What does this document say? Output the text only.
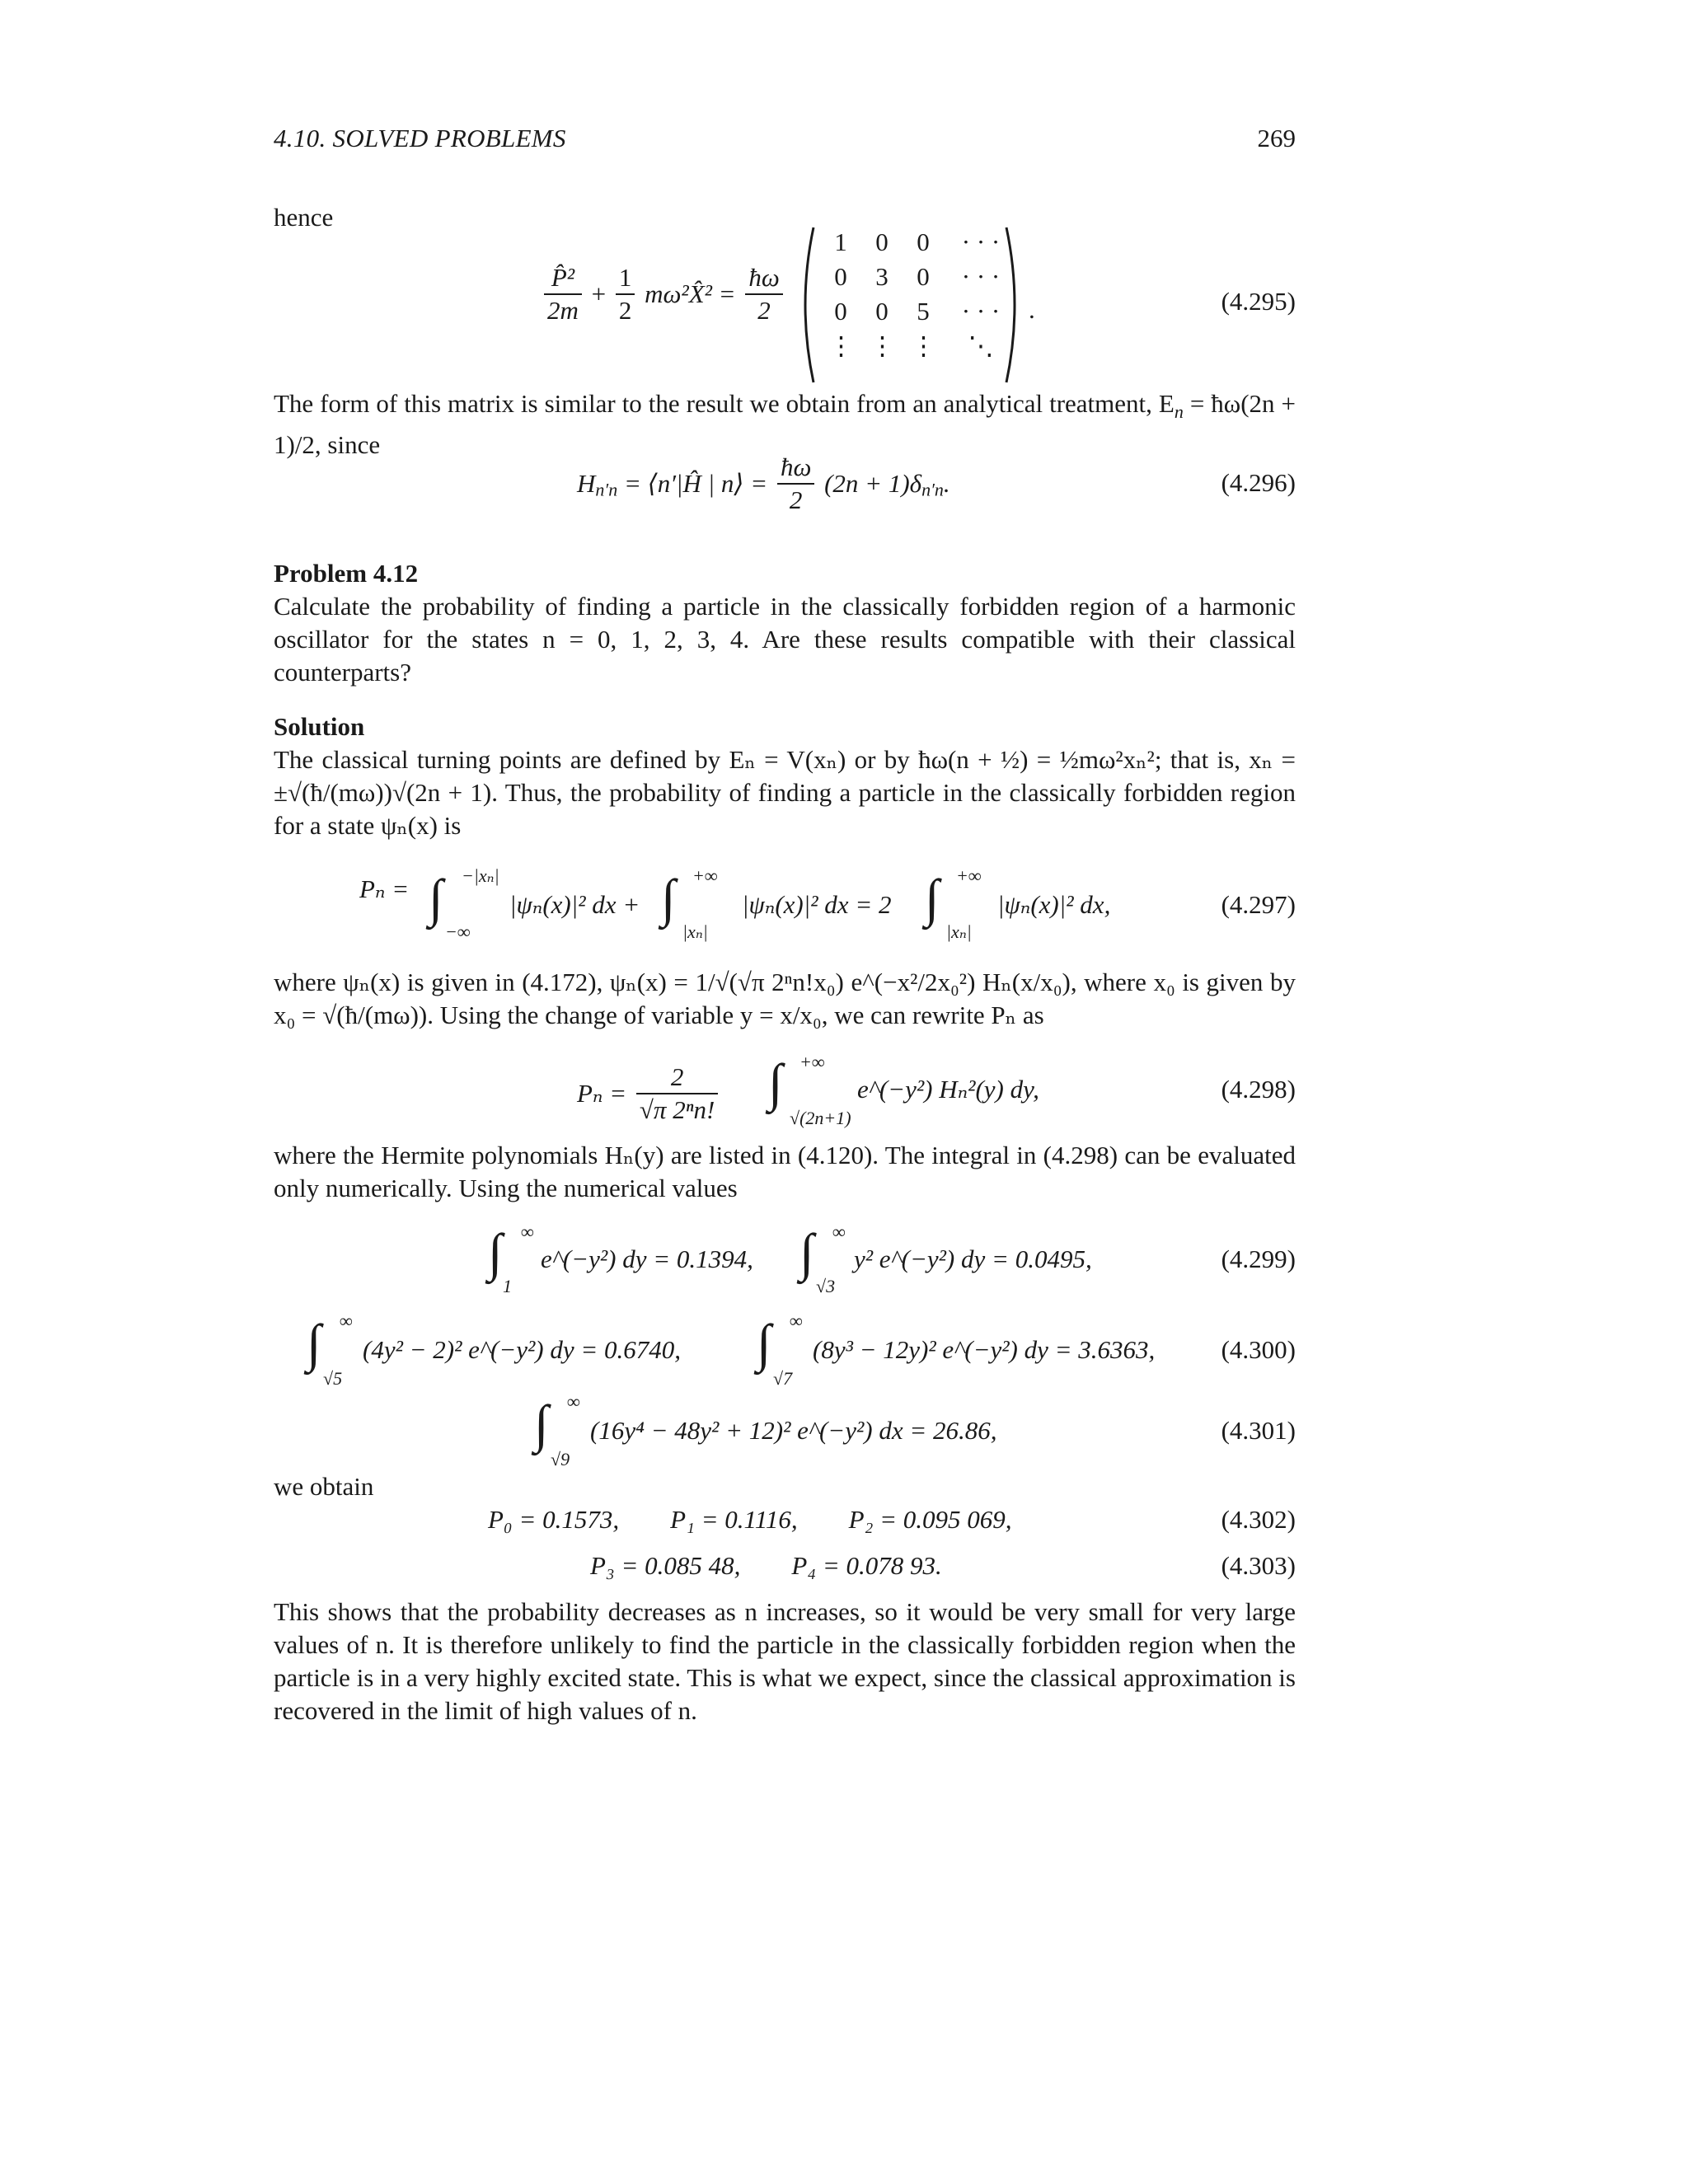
4.10. SOLVED PROBLEMS	269
hence
$\frac{\text{P̂²}}{2m} + \frac{1}{2}$ mω²X̂² = $\frac{ħ\omega}{2}$
1 0 0 · · ·
0 3 0 · · ·
0 0 5 · · ·
⋮ ⋮ ⋮	⋱
.	(4.295)
The form of this matrix is similar to the result we obtain from an analytical treatment, $E_n$ = ħω(2n + 1)/2, since
$H_{n'n}$ = ⟨n′|Ĥ | n⟩ = $\frac{ħ\omega}{2} (2n + 1)\delta_{n'n}$.	(4.296)
Problem 4.12
Calculate the probability of finding a particle in the classically forbidden region of a harmonic oscillator for the states n = 0, 1, 2, 3, 4. Are these results compatible with their classical counterparts?
Solution
The classical turning points are defined by Eₙ = V(xₙ) or by ħω(n + ½) = ½mω²xₙ²; that is, xₙ = ±√(ħ/(mω))√(2n + 1). Thus, the probability of finding a particle in the classically forbidden region for a state ψₙ(x) is
Pₙ = ∫ −|xₙ|
−∞
|ψₙ(x)|² dx + ∫ +∞
|xₙ|
|ψₙ(x)|² dx = 2 ∫ +∞
|xₙ|
|ψₙ(x)|² dx,	(4.297)
where ψₙ(x) is given in (4.172), ψₙ(x) = 1/√(√π 2ⁿn!x₀) e^(−x²/2x₀²) Hₙ(x/x₀), where x₀ is given by x₀ = √(ħ/(mω)). Using the change of variable y = x/x₀, we can rewrite Pₙ as
$P_n = \frac{2}{\text{√π 2ⁿn!}}$ ∫ +∞
√(2n+1)
e^(−y²) Hₙ²(y) dy,	(4.298)
where the Hermite polynomials Hₙ(y) are listed in (4.120). The integral in (4.298) can be evaluated only numerically. Using the numerical values
∫ ∞
1
e^(−y²) dy = 0.1394, ∫ ∞
√3
y² e^(−y²) dy = 0.0495,	(4.299)
∫ ∞
√5
(4y² − 2)² e^(−y²) dy = 0.6740, ∫ ∞
√7
(8y³ − 12y)² e^(−y²) dy = 3.6363,	(4.300)
∫ ∞
√9
(16y⁴ − 48y² + 12)² e^(−y²) dx = 26.86,	(4.301)
we obtain
P₀ = 0.1573,        P₁ = 0.1116,        P₂ = 0.095 069,	(4.302)
P₃ = 0.085 48,        P₄ = 0.078 93.	(4.303)
This shows that the probability decreases as n increases, so it would be very small for very large values of n. It is therefore unlikely to find the particle in the classically forbidden region when the particle is in a very highly excited state. This is what we expect, since the classical approximation is recovered in the limit of high values of n.
